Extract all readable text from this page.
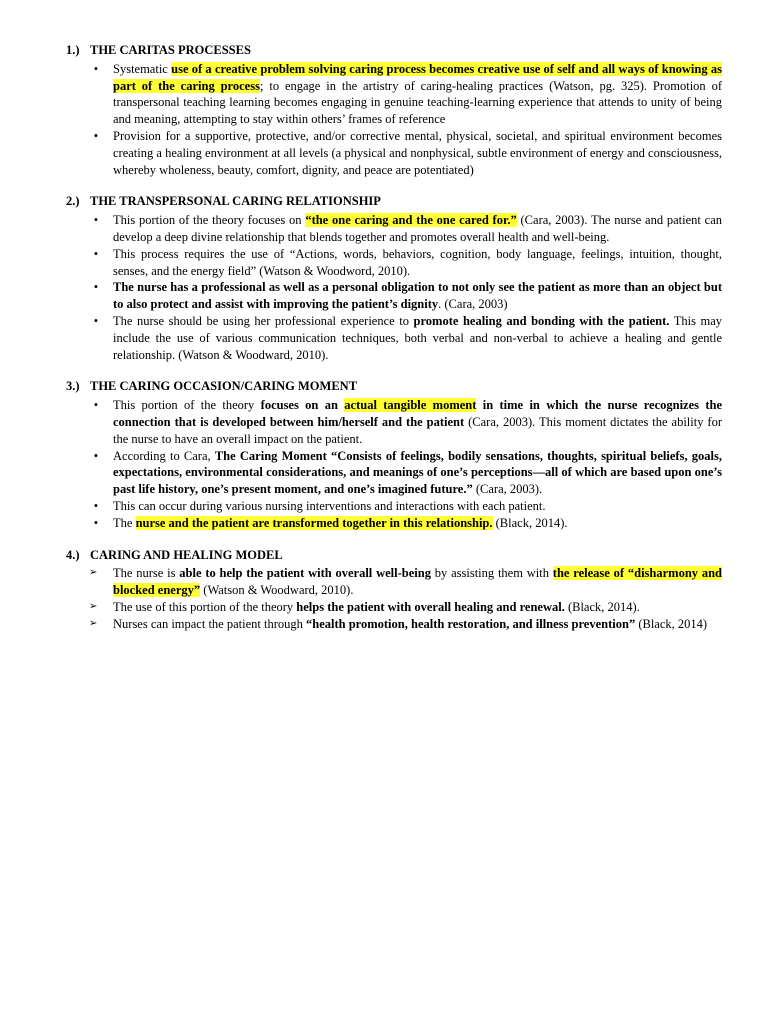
1.) THE CARITAS PROCESSES
• Systematic use of a creative problem solving caring process becomes creative use of self and all ways of knowing as part of the caring process; to engage in the artistry of caring-healing practices (Watson, pg. 325). Promotion of transpersonal teaching learning becomes engaging in genuine teaching-learning experience that attends to unity of being and meaning, attempting to stay within others’ frames of reference
• Provision for a supportive, protective, and/or corrective mental, physical, societal, and spiritual environment becomes creating a healing environment at all levels (a physical and nonphysical, subtle environment of energy and consciousness, whereby wholeness, beauty, comfort, dignity, and peace are potentiated)
2.) THE TRANSPERSONAL CARING RELATIONSHIP
• This portion of the theory focuses on “the one caring and the one cared for.” (Cara, 2003). The nurse and patient can develop a deep divine relationship that blends together and promotes overall health and well-being.
• This process requires the use of “Actions, words, behaviors, cognition, body language, feelings, intuition, thought, senses, and the energy field” (Watson & Woodword, 2010).
• The nurse has a professional as well as a personal obligation to not only see the patient as more than an object but to also protect and assist with improving the patient’s dignity. (Cara, 2003)
• The nurse should be using her professional experience to promote healing and bonding with the patient. This may include the use of various communication techniques, both verbal and non-verbal to achieve a healing and gentle relationship. (Watson & Woodward, 2010).
3.) THE CARING OCCASION/CARING MOMENT
• This portion of the theory focuses on an actual tangible moment in time in which the nurse recognizes the connection that is developed between him/herself and the patient (Cara, 2003). This moment dictates the ability for the nurse to have an overall impact on the patient.
• According to Cara, The Caring Moment “Consists of feelings, bodily sensations, thoughts, spiritual beliefs, goals, expectations, environmental considerations, and meanings of one’s perceptions—all of which are based upon one’s past life history, one’s present moment, and one’s imagined future.” (Cara, 2003).
• This can occur during various nursing interventions and interactions with each patient.
• The nurse and the patient are transformed together in this relationship. (Black, 2014).
4.) CARING AND HEALING MODEL
➢ The nurse is able to help the patient with overall well-being by assisting them with the release of “disharmony and blocked energy” (Watson & Woodward, 2010).
➢ The use of this portion of the theory helps the patient with overall healing and renewal. (Black, 2014).
➢ Nurses can impact the patient through “health promotion, health restoration, and illness prevention” (Black, 2014)
